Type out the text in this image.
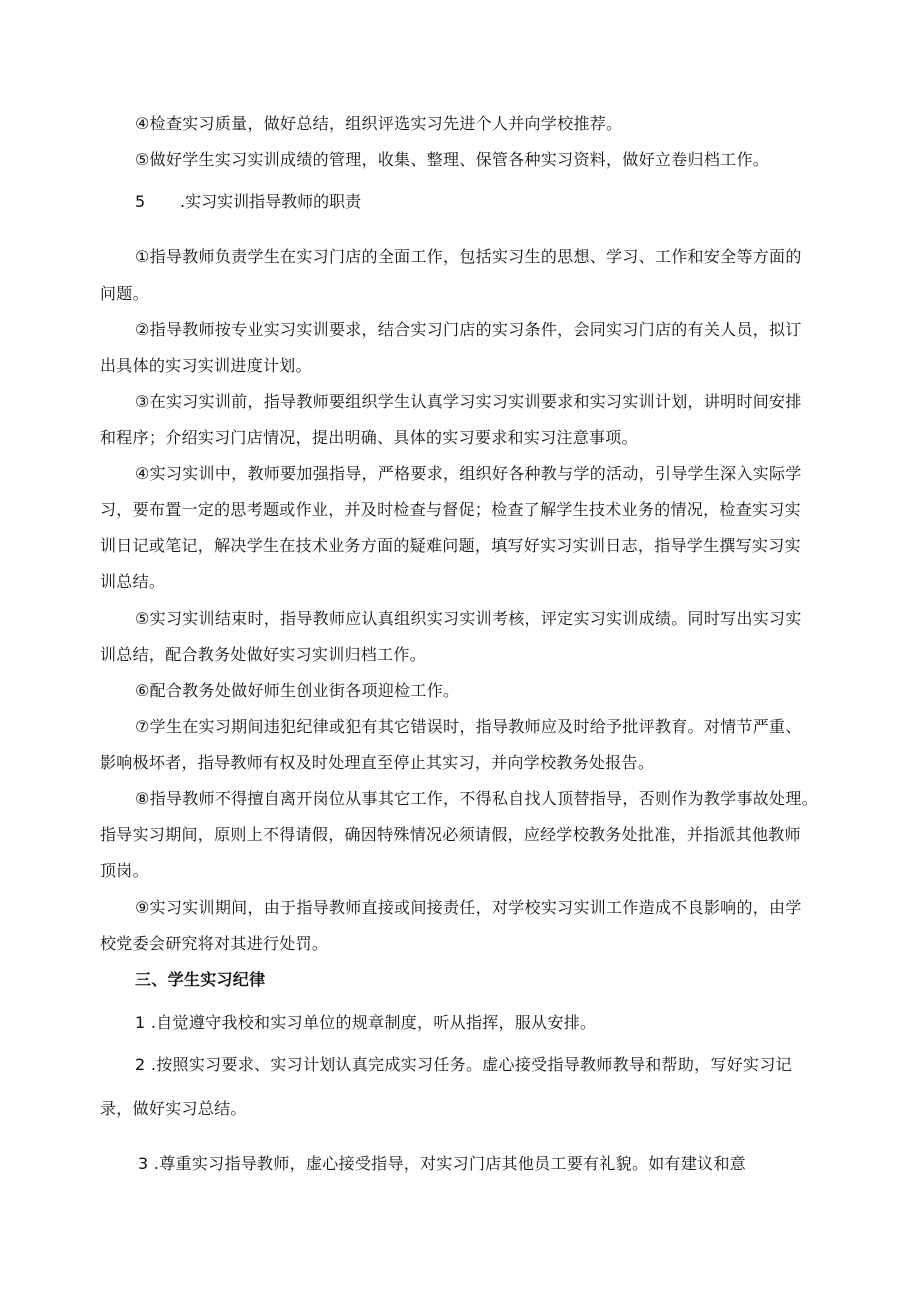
④检查实习质量，做好总结，组织评选实习先进个人并向学校推荐。
⑤做好学生实习实训成绩的管理，收集、整理、保管各种实习资料，做好立卷归档工作。
5 .实习实训指导教师的职责
①指导教师负责学生在实习门店的全面工作，包括实习生的思想、学习、工作和安全等方面的
问题。
②指导教师按专业实习实训要求，结合实习门店的实习条件，会同实习门店的有关人员，拟订
出具体的实习实训进度计划。
③在实习实训前，指导教师要组织学生认真学习实习实训要求和实习实训计划，讲明时间安排
和程序；介绍实习门店情况，提出明确、具体的实习要求和实习注意事项。
④实习实训中，教师要加强指导，严格要求，组织好各种教与学的活动，引导学生深入实际学
习，要布置一定的思考题或作业，并及时检查与督促；检查了解学生技术业务的情况，检查实习实
训日记或笔记，解决学生在技术业务方面的疑难问题，填写好实习实训日志，指导学生撰写实习实
训总结。
⑤实习实训结束时，指导教师应认真组织实习实训考核，评定实习实训成绩。同时写出实习实
训总结，配合教务处做好实习实训归档工作。
⑥配合教务处做好师生创业街各项迎检工作。
⑦学生在实习期间违犯纪律或犯有其它错误时，指导教师应及时给予批评教育。对情节严重、
影响极坏者，指导教师有权及时处理直至停止其实习，并向学校教务处报告。
⑧指导教师不得擅自离开岗位从事其它工作，不得私自找人顶替指导，否则作为教学事故处理。
指导实习期间，原则上不得请假，确因特殊情况必须请假，应经学校教务处批准，并指派其他教师
顶岗。
⑨实习实训期间，由于指导教师直接或间接责任，对学校实习实训工作造成不良影响的，由学
校党委会研究将对其进行处罚。
三、学生实习纪律
1 .自觉遵守我校和实习单位的规章制度，听从指挥，服从安排。
2 .按照实习要求、实习计划认真完成实习任务。虚心接受指导教师教导和帮助，写好实习记
录，做好实习总结。
3 .尊重实习指导教师，虚心接受指导，对实习门店其他员工要有礼貌。如有建议和意
